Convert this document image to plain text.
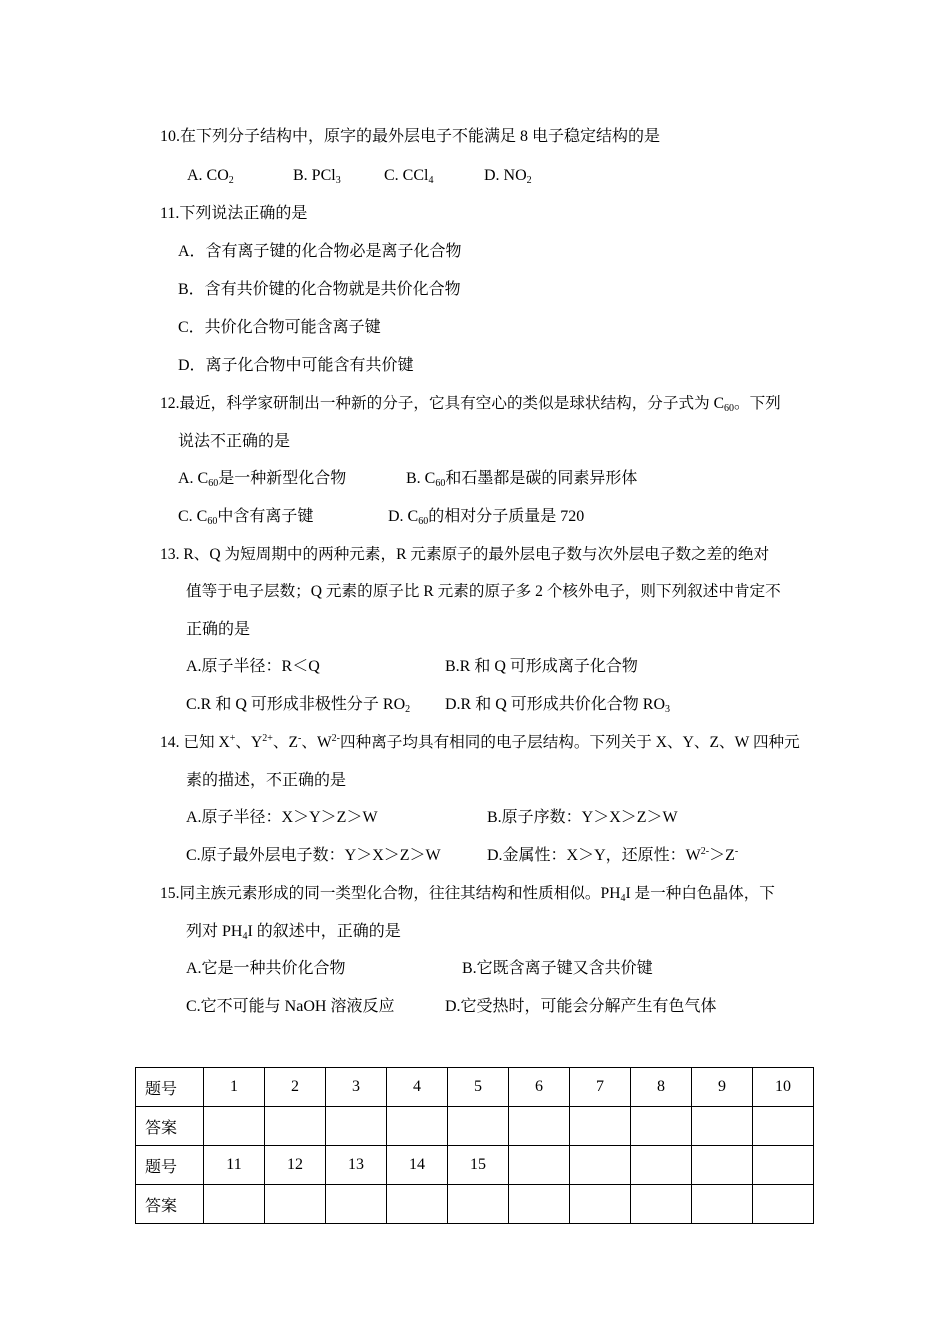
10.在下列分子结构中，原字的最外层电子不能满足 8 电子稳定结构的是
A. $CO_2$	B. PCl$_3$	C. CCl$_4$	D. $NO_2$
11.下列说法正确的是
A．含有离子键的化合物必是离子化合物
B．含有共价键的化合物就是共价化合物
C．共价化合物可能含离子键
D．离子化合物中可能含有共价键
12.最近，科学家研制出一种新的分子，它具有空心的类似是球状结构，分子式为 $C_{60}$。下列
说法不正确的是
A. $C_{60}$是一种新型化合物	B. $C_{60}$和石墨都是碳的同素异形体
C. $C_{60}$中含有离子键	D. $C_{60}$的相对分子质量是 720
13. R、Q 为短周期中的两种元素，R 元素原子的最外层电子数与次外层电子数之差的绝对
值等于电子层数；Q 元素的原子比 R 元素的原子多 2 个核外电子，则下列叙述中肯定不
正确的是
A.原子半径：R＜Q	B.R 和 Q 可形成离子化合物
C.R 和 Q 可形成非极性分子 $RO_2$ D.R 和 Q 可形成共价化合物 $RO_3$
14. 已知 X+、$Y^{2+}$、Z-、$W^{2-}$四种离子均具有相同的电子层结构。下列关于 X、Y、Z、W 四种元
素的描述，不正确的是
A.原子半径：X＞Y＞Z＞W	B.原子序数：Y＞X＞Z＞W
C.原子最外层电子数：Y＞X＞Z＞W	D.金属性：X＞Y，还原性：$W^{2-}>Z^-$
15.同主族元素形成的同一类型化合物，往往其结构和性质相似。$PH_4I$ 是一种白色晶体，下
列对 $PH_4I$ 的叙述中，正确的是
A.它是一种共价化合物	B.它既含离子键又含共价键
C.它不可能与 NaOH 溶液反应	D.它受热时，可能会分解产生有色气体
题号	1	2	3	4	5	6	7	8	9	10
答案										
题号	11	12	13	14	15					
答案										
